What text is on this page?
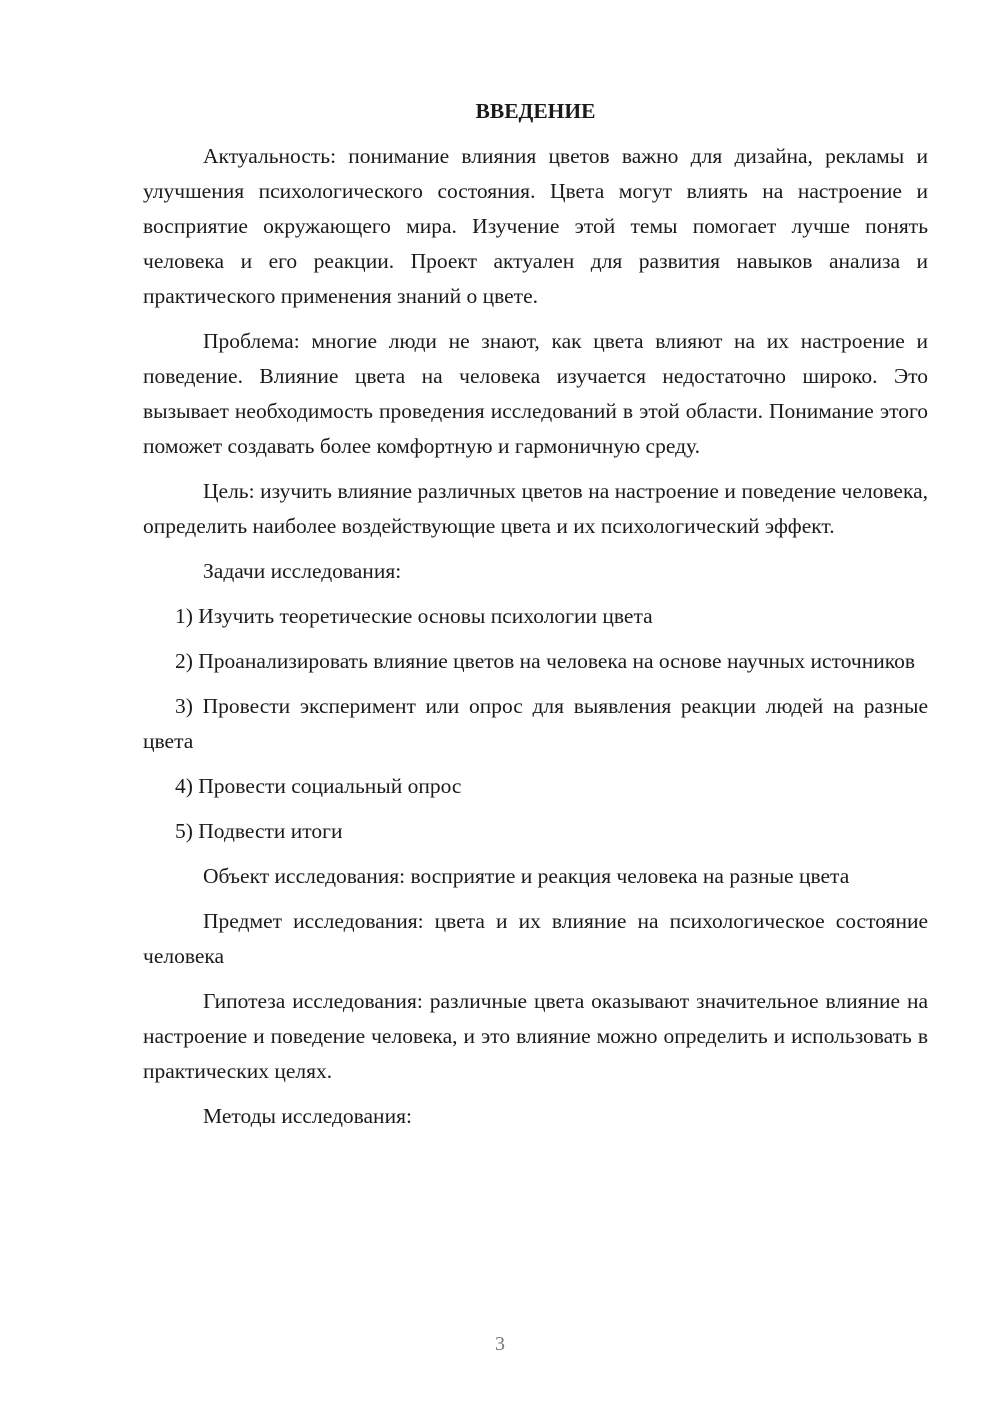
ВВЕДЕНИЕ

Актуальность: понимание влияния цветов важно для дизайна, рекламы и улучшения психологического состояния. Цвета могут влиять на настроение и восприятие окружающего мира. Изучение этой темы помогает лучше понять человека и его реакции. Проект актуален для развития навыков анализа и практического применения знаний о цвете.

Проблема: многие люди не знают, как цвета влияют на их настроение и поведение. Влияние цвета на человека изучается недостаточно широко. Это вызывает необходимость проведения исследований в этой области. Понимание этого поможет создавать более комфортную и гармоничную среду.

Цель: изучить влияние различных цветов на настроение и поведение человека, определить наиболее воздействующие цвета и их психологический эффект.

Задачи исследования:

1) Изучить теоретические основы психологии цвета

2) Проанализировать влияние цветов на человека на основе научных источников

3) Провести эксперимент или опрос для выявления реакции людей на разные цвета

4) Провести социальный опрос

5) Подвести итоги

Объект исследования: восприятие и реакция человека на разные цвета

Предмет исследования: цвета и их влияние на психологическое состояние человека

Гипотеза исследования: различные цвета оказывают значительное влияние на настроение и поведение человека, и это влияние можно определить и использовать в практических целях.

Методы исследования:

3
